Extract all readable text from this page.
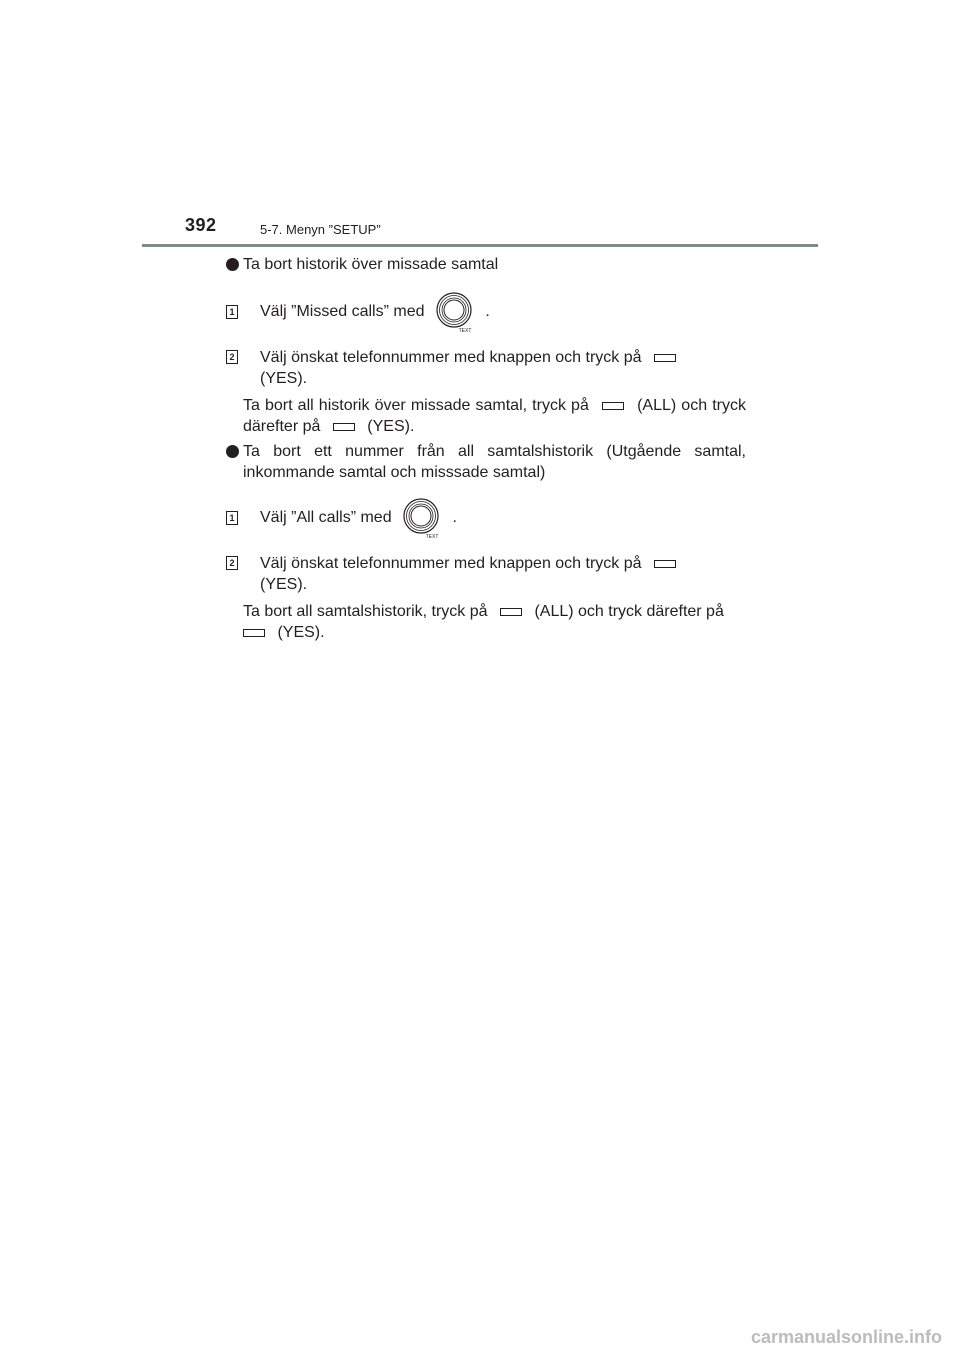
392	5-7. Menyn ”SETUP”
Ta bort historik över missade samtal
1 Välj ”Missed calls” med
TEXT
.
2 Välj önskat telefonnummer med knappen och tryck på
(YES).
Ta bort all historik över missade samtal, tryck på	(ALL) och tryck därefter på	(YES).
Ta bort ett nummer från all samtalshistorik (Utgående samtal, inkommande samtal och misssade samtal)
1 Välj ”All calls” med
TEXT
.
2 Välj önskat telefonnummer med knappen och tryck på
(YES).
Ta bort all samtalshistorik, tryck på	(ALL) och tryck därefter på
(YES).
carmanualsonline.info
